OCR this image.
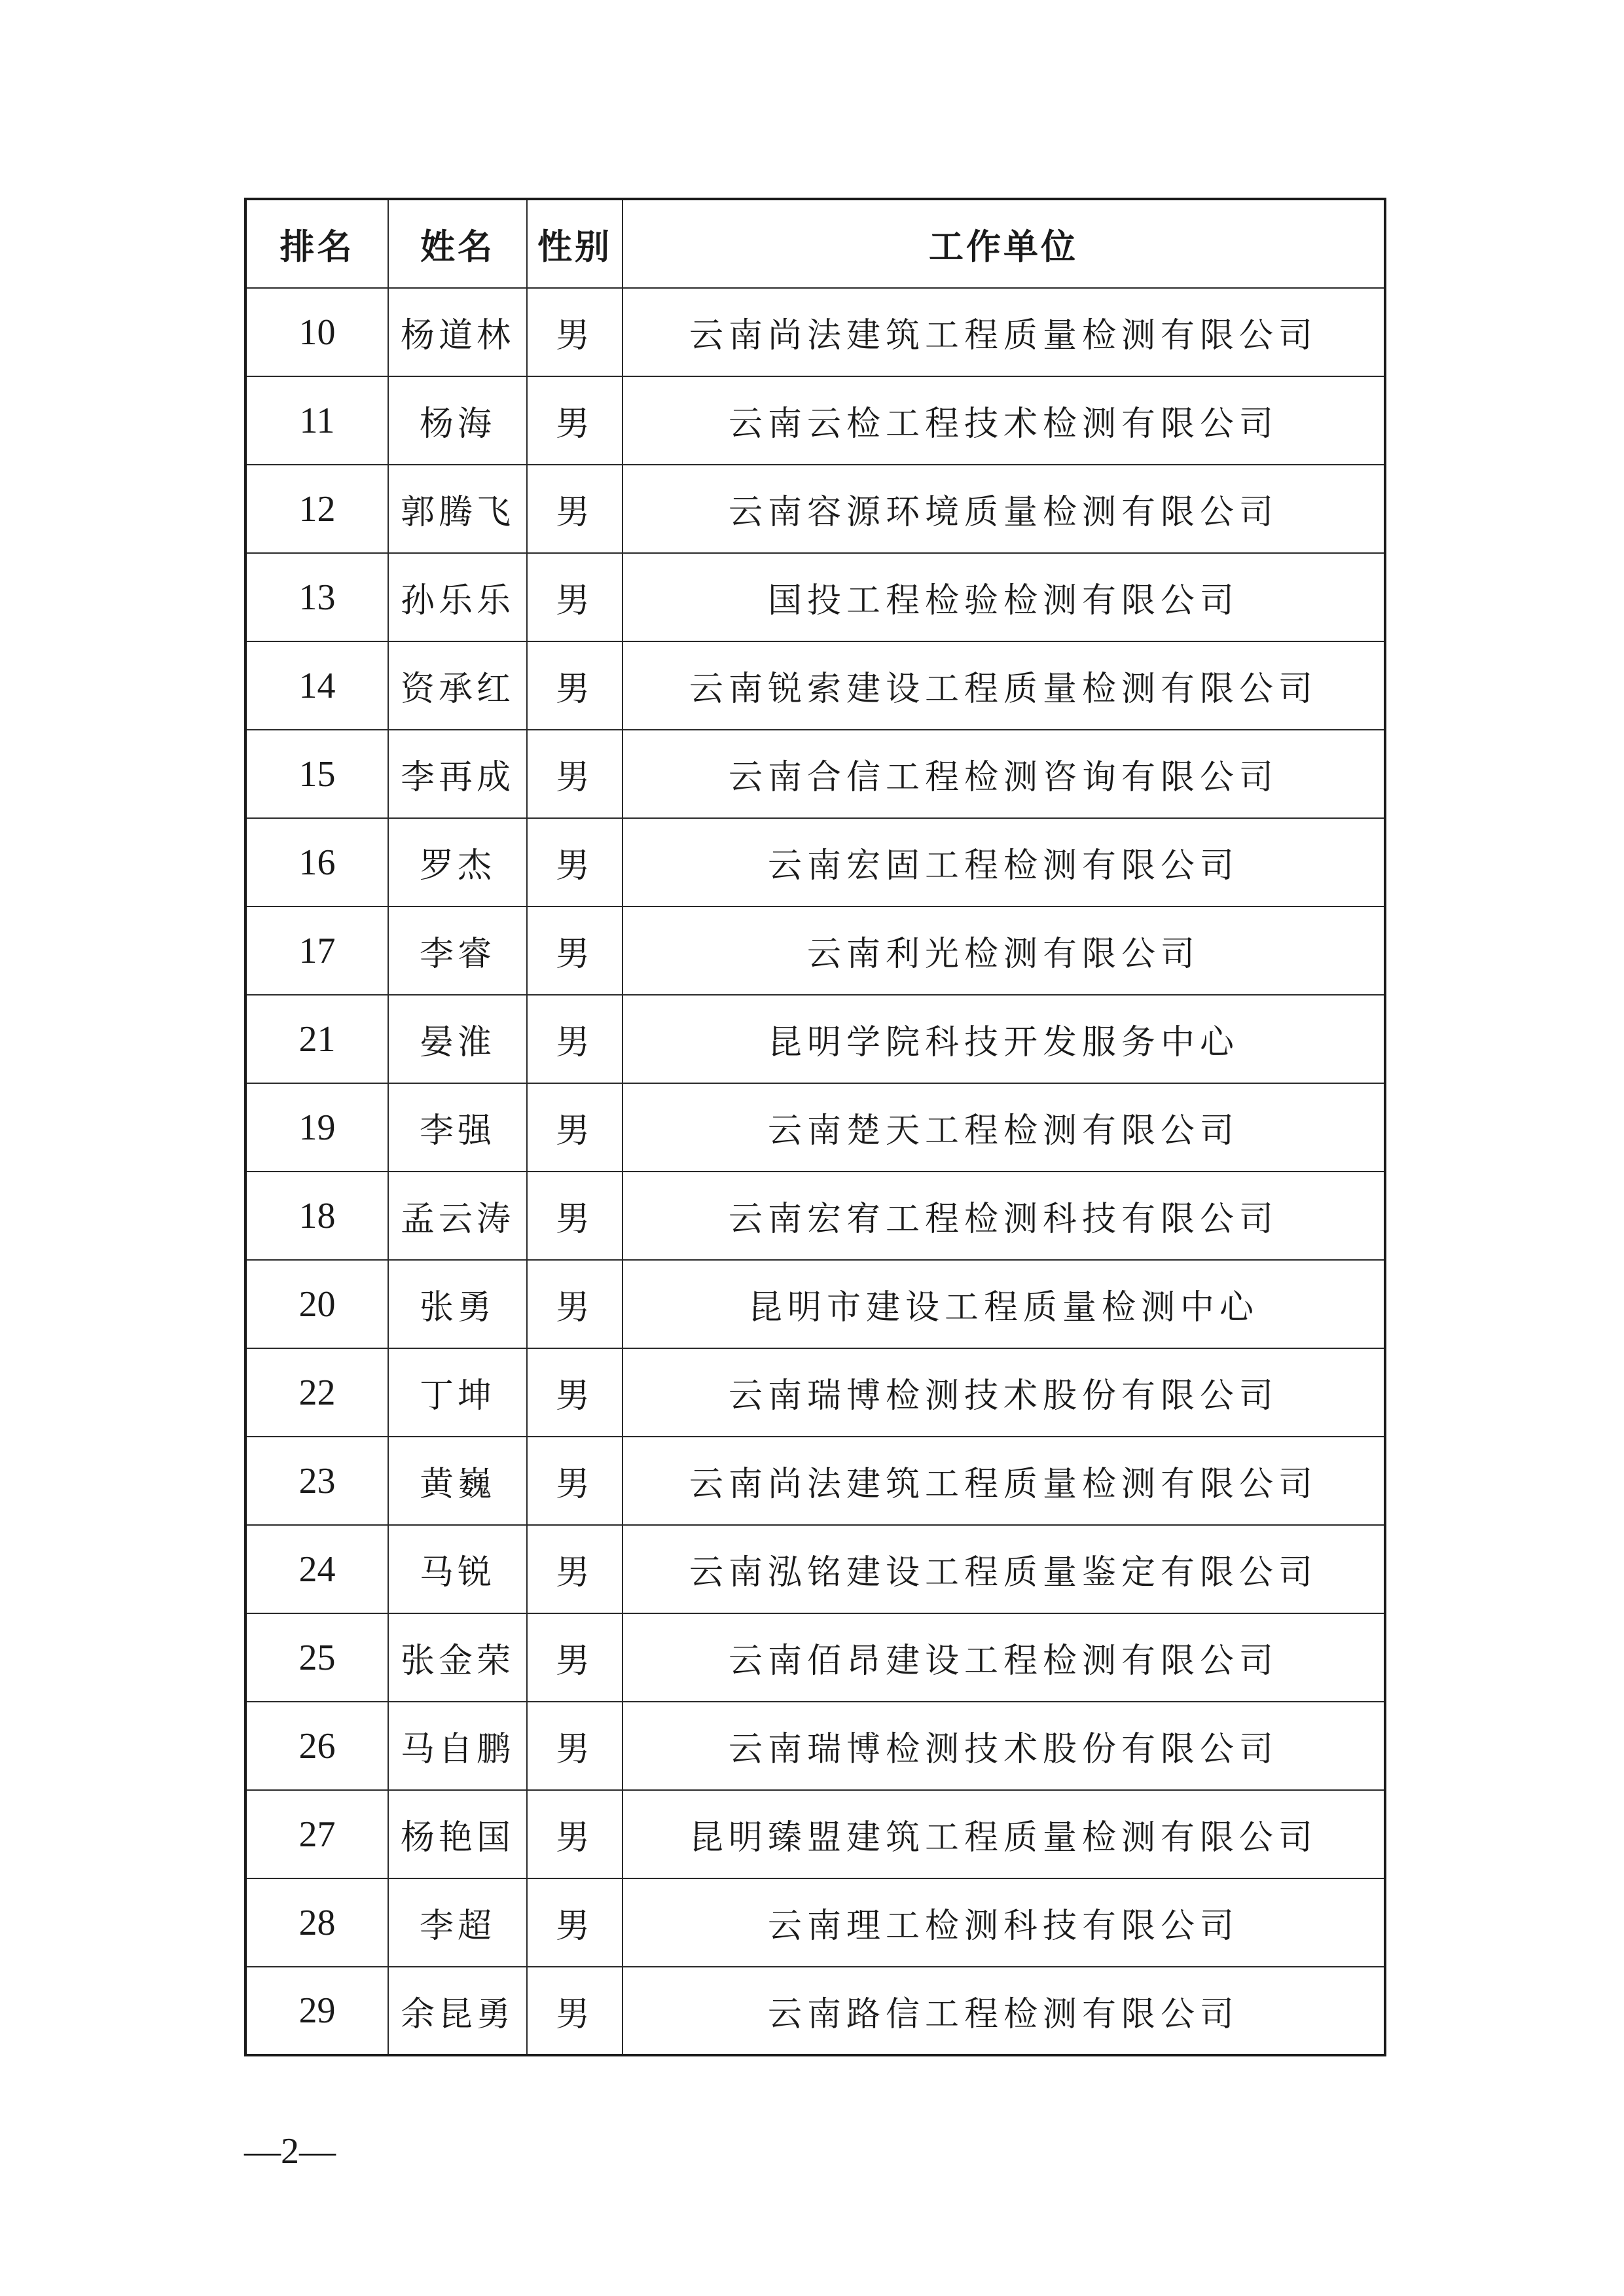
排名	姓名	性别	工作单位
10	杨道林	男	云南尚法建筑工程质量检测有限公司
11	杨海	男	云南云检工程技术检测有限公司
12	郭腾飞	男	云南容源环境质量检测有限公司
13	孙乐乐	男	国投工程检验检测有限公司
14	资承红	男	云南锐索建设工程质量检测有限公司
15	李再成	男	云南合信工程检测咨询有限公司
16	罗杰	男	云南宏固工程检测有限公司
17	李睿	男	云南利光检测有限公司
21	晏淮	男	昆明学院科技开发服务中心
19	李强	男	云南楚天工程检测有限公司
18	孟云涛	男	云南宏宥工程检测科技有限公司
20	张勇	男	昆明市建设工程质量检测中心
22	丁坤	男	云南瑞博检测技术股份有限公司
23	黄巍	男	云南尚法建筑工程质量检测有限公司
24	马锐	男	云南泓铭建设工程质量鉴定有限公司
25	张金荣	男	云南佰昂建设工程检测有限公司
26	马自鹏	男	云南瑞博检测技术股份有限公司
27	杨艳国	男	昆明臻盟建筑工程质量检测有限公司
28	李超	男	云南理工检测科技有限公司
29	余昆勇	男	云南路信工程检测有限公司
—2—
